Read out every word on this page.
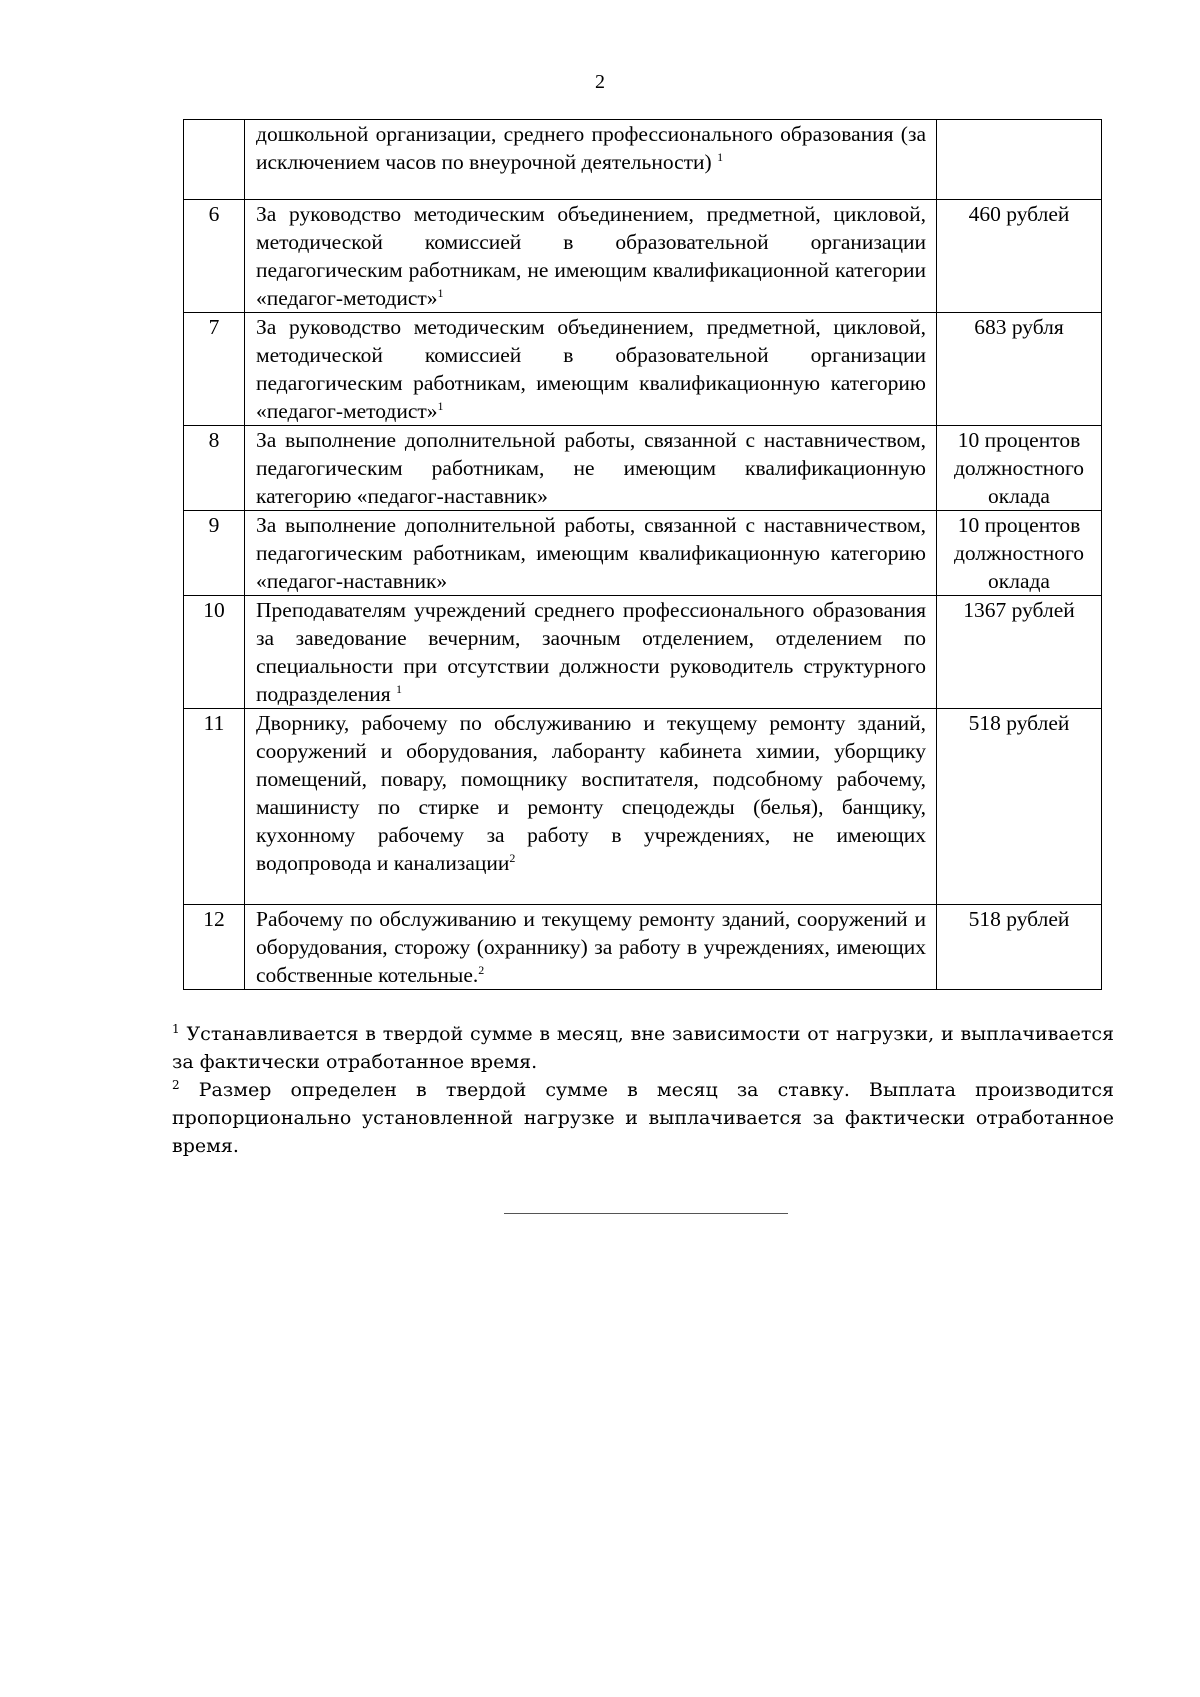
2
	дошкольной организации, среднего профессионального образования (за исключением часов по внеурочной деятельности) $^1$	
6	За руководство методическим объединением, предметной, цикловой, методической комиссией в образовательной организации педагогическим работникам, не имеющим квалификационной категории «педагог-методист»$^1$	460 рублей
7	За руководство методическим объединением, предметной, цикловой, методической комиссией в образовательной организации педагогическим работникам, имеющим квалификационную категорию «педагог-методист»$^1$	683 рубля
8	За выполнение дополнительной работы, связанной с наставничеством, педагогическим работникам, не имеющим квалификационную категорию «педагог-наставник»	10 процентов должностного оклада
9	За выполнение дополнительной работы, связанной с наставничеством, педагогическим работникам, имеющим квалификационную категорию «педагог-наставник»	10 процентов должностного оклада
10	Преподавателям учреждений среднего профессионального образования за заведование вечерним, заочным отделением, отделением по специальности при отсутствии должности руководитель структурного подразделения $^1$	1367 рублей
11	Дворнику, рабочему по обслуживанию и текущему ремонту зданий, сооружений и оборудования, лаборанту кабинета химии, уборщику помещений, повару, помощнику воспитателя, подсобному рабочему, машинисту по стирке и ремонту спецодежды (белья), банщику, кухонному рабочему за работу в учреждениях, не имеющих водопровода и канализации$^2$	518 рублей
12	Рабочему по обслуживанию и текущему ремонту зданий, сооружений и оборудования, сторожу (охраннику) за работу в учреждениях, имеющих собственные котельные.$^2$	518 рублей

$^1$ Устанавливается в твердой сумме в месяц, вне зависимости от нагрузки, и выплачивается за фактически отработанное время.

$^2$ Размер определен в твердой сумме в месяц за ставку. Выплата производится пропорционально установленной нагрузке и выплачивается за фактически отработанное время.
